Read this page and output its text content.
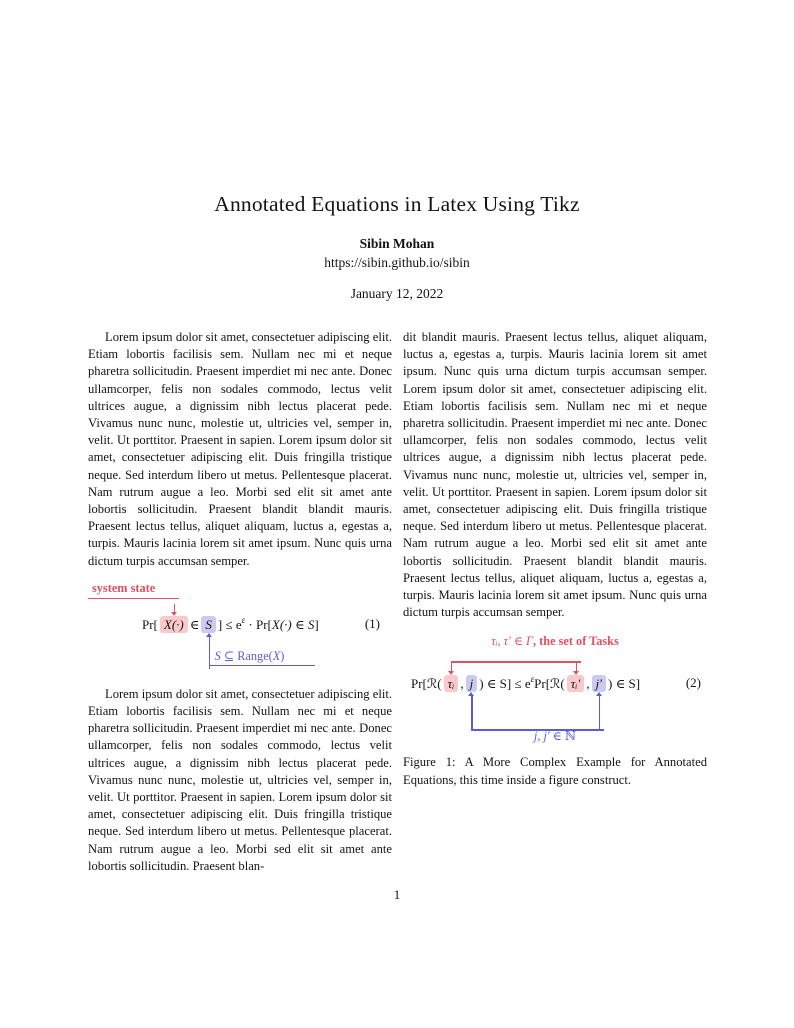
Annotated Equations in Latex Using Tikz
Sibin Mohan
https://sibin.github.io/sibin
January 12, 2022
Lorem ipsum dolor sit amet, consectetuer adipiscing elit. Etiam lobortis facilisis sem. Nullam nec mi et neque pharetra sollicitudin. Praesent imperdiet mi nec ante. Donec ullamcorper, felis non sodales commodo, lectus velit ultrices augue, a dignissim nibh lectus placerat pede. Vivamus nunc nunc, molestie ut, ultricies vel, semper in, velit. Ut porttitor. Praesent in sapien. Lorem ipsum dolor sit amet, consectetuer adipiscing elit. Duis fringilla tristique neque. Sed interdum libero ut metus. Pellentesque placerat. Nam rutrum augue a leo. Morbi sed elit sit amet ante lobortis sollicitudin. Praesent blandit blandit mauris. Praesent lectus tellus, aliquet aliquam, luctus a, egestas a, turpis. Mauris lacinia lorem sit amet ipsum. Nunc quis urna dictum turpis accumsan semper.
system state
Pr[ X(·) ∈ S
S ⊆ Range(X)
] ≤ $e^\varepsilon \cdot Pr[X(\cdot)$ ∈ S]	(1)
Lorem ipsum dolor sit amet, consectetuer adipiscing elit. Etiam lobortis facilisis sem. Nullam nec mi et neque pharetra sollicitudin. Praesent imperdiet mi nec ante. Donec ullamcorper, felis non sodales commodo, lectus velit ultrices augue, a dignissim nibh lectus placerat pede. Vivamus nunc nunc, molestie ut, ultricies vel, semper in, velit. Ut porttitor. Praesent in sapien. Lorem ipsum dolor sit amet, consectetuer adipiscing elit. Duis fringilla tristique neque. Sed interdum libero ut metus. Pellentesque placerat. Nam rutrum augue a leo. Morbi sed elit sit amet ante lobortis sollicitudin. Praesent blan-
dit blandit mauris. Praesent lectus tellus, aliquet aliquam, luctus a, egestas a, turpis. Mauris lacinia lorem sit amet ipsum. Nunc quis urna dictum turpis accumsan semper. Lorem ipsum dolor sit amet, consectetuer adipiscing elit. Etiam lobortis facilisis sem. Nullam nec mi et neque pharetra sollicitudin. Praesent imperdiet mi nec ante. Donec ullamcorper, felis non sodales commodo, lectus velit ultrices augue, a dignissim nibh lectus placerat pede. Vivamus nunc nunc, molestie ut, ultricies vel, semper in, velit. Ut porttitor. Praesent in sapien. Lorem ipsum dolor sit amet, consectetuer adipiscing elit. Duis fringilla tristique neque. Sed interdum libero ut metus. Pellentesque placerat. Nam rutrum augue a leo. Morbi sed elit sit amet ante lobortis sollicitudin. Praesent blandit blandit mauris. Praesent lectus tellus, aliquet aliquam, luctus a, egestas a, turpis. Mauris lacinia lorem sit amet ipsum. Nunc quis urna dictum turpis accumsan semper.
τᵢ, τ′ ∈ Γ, the set of Tasks
Pr[ℛ( τᵢ , j ) ∈ $S] \le e^\varepsilon Pr[ℛ$( τᵢ′ , j′ ) ∈ S]	(2)
j, j′ ∈ ℕ
Figure 1: A More Complex Example for Annotated Equations, this time inside a figure construct.
1
